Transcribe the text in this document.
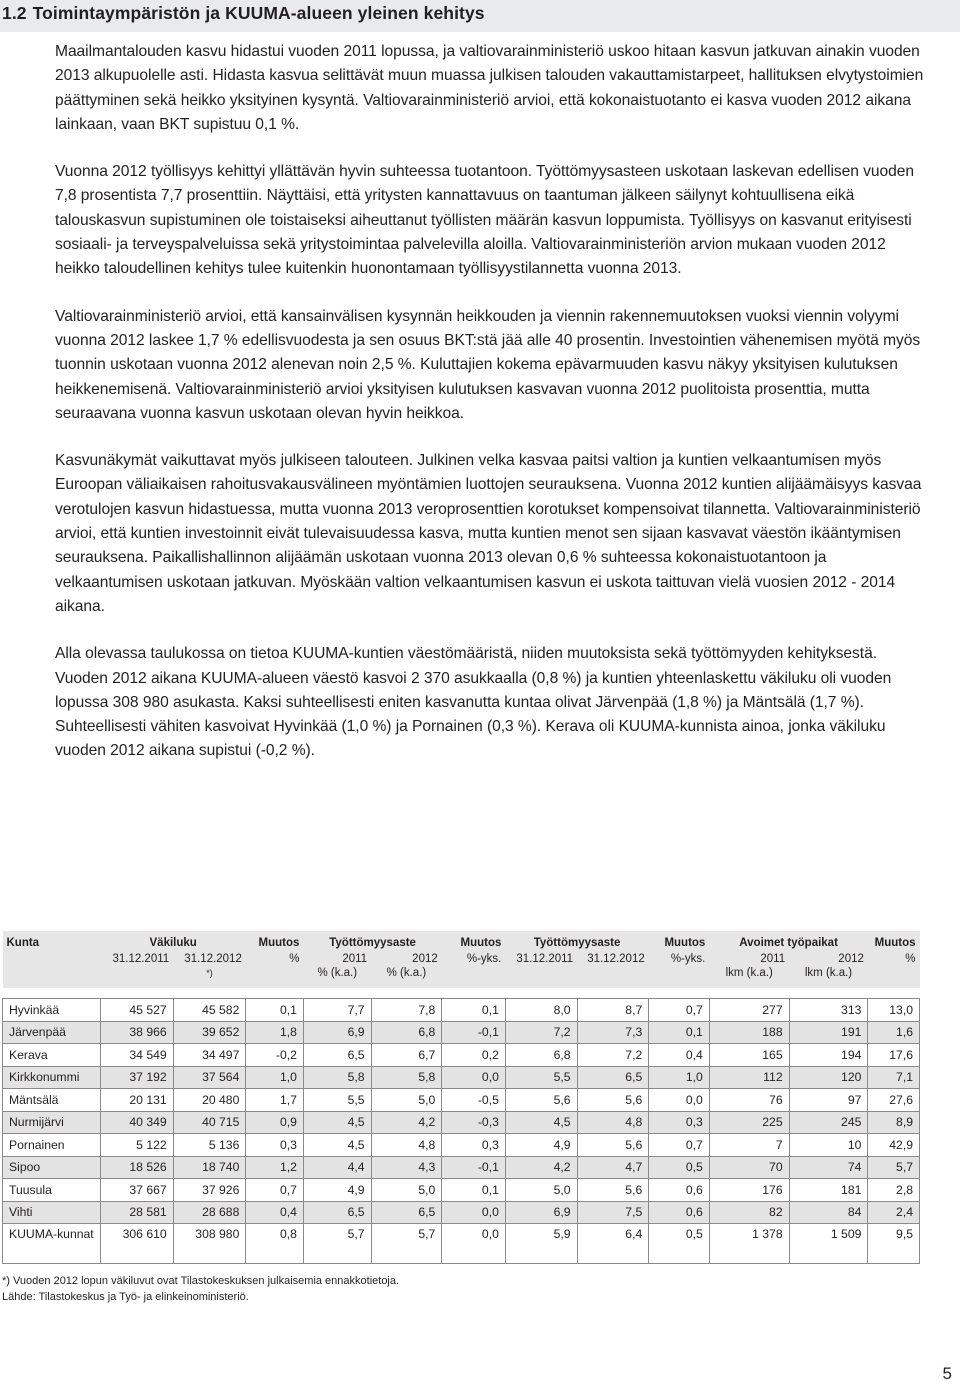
1.2 Toimintaympäristön ja KUUMA-alueen yleinen kehitys

Maailmantalouden kasvu hidastui vuoden 2011 lopussa, ja valtiovarainministeriö uskoo hitaan kasvun jatkuvan ainakin vuoden 2013 alkupuolelle asti. Hidasta kasvua selittävät muun muassa julkisen talouden vakauttamistarpeet, hallituksen elvytystoimien päättyminen sekä heikko yksityinen kysyntä. Valtiovarainministeriö arvioi, että kokonaistuotanto ei kasva vuoden 2012 aikana lainkaan, vaan BKT supistuu 0,1 %.

Vuonna 2012 työllisyys kehittyi yllättävän hyvin suhteessa tuotantoon. Työttömyysasteen uskotaan laskevan edellisen vuoden 7,8 prosentista 7,7 prosenttiin. Näyttäisi, että yritysten kannattavuus on taantuman jälkeen säilynyt kohtuullisena eikä talouskasvun supistuminen ole toistaiseksi aiheuttanut työllisten määrän kasvun loppumista. Työllisyys on kasvanut erityisesti sosiaali- ja terveyspalveluissa sekä yritystoimintaa palvelevilla aloilla. Valtiovarainministeriön arvion mukaan vuoden 2012 heikko taloudellinen kehitys tulee kuitenkin huonontamaan työllisyystilannetta vuonna 2013.

Valtiovarainministeriö arvioi, että kansainvälisen kysynnän heikkouden ja viennin rakennemuutoksen vuoksi viennin volyymi vuonna 2012 laskee 1,7 % edellisvuodesta ja sen osuus BKT:stä jää alle 40 prosentin. Investointien vähenemisen myötä myös tuonnin uskotaan vuonna 2012 alenevan noin 2,5 %. Kuluttajien kokema epävarmuuden kasvu näkyy yksityisen kulutuksen heikkenemisenä. Valtiovarainministeriö arvioi yksityisen kulutuksen kasvavan vuonna 2012 puolitoista prosenttia, mutta seuraavana vuonna kasvun uskotaan olevan hyvin heikkoa.

Kasvunäkymät vaikuttavat myös julkiseen talouteen. Julkinen velka kasvaa paitsi valtion ja kuntien velkaantumisen myös Euroopan väliaikaisen rahoitusvakausvälineen myöntämien luottojen seurauksena. Vuonna 2012 kuntien alijäämäisyys kasvaa verotulojen kasvun hidastuessa, mutta vuonna 2013 veroprosenttien korotukset kompensoivat tilannetta. Valtiovarainministeriö arvioi, että kuntien investoinnit eivät tulevaisuudessa kasva, mutta kuntien menot sen sijaan kasvavat väestön ikääntymisen seurauksena. Paikallishallinnon alijäämän uskotaan vuonna 2013 olevan 0,6 % suhteessa kokonaistuotantoon ja velkaantumisen uskotaan jatkuvan. Myöskään valtion velkaantumisen kasvun ei uskota taittuvan vielä vuosien 2012 - 2014 aikana.

Alla olevassa taulukossa on tietoa KUUMA-kuntien väestömääristä, niiden muutoksista sekä työttömyyden kehityksestä. Vuoden 2012 aikana KUUMA-alueen väestö kasvoi 2 370 asukkaalla (0,8 %) ja kuntien yhteenlaskettu väkiluku oli vuoden lopussa 308 980 asukasta. Kaksi suhteellisesti eniten kasvanutta kuntaa olivat Järvenpää (1,8 %) ja Mäntsälä (1,7 %). Suhteellisesti vähiten kasvoivat Hyvinkää (1,0 %) ja Pornainen (0,3 %). Kerava oli KUUMA-kunnista ainoa, jonka väkiluku vuoden 2012 aikana supistui (-0,2 %).

Kunta	Väkiluku		Muutos	Työttömyysaste		Muutos	Työttömyysaste		Muutos	Avoimet työpaikat		Muutos
	31.12.2011	31.12.2012	%	2011	2012	%-yks.	31.12.2011	31.12.2012	%-yks.	2011	2012	%
		*)		% (k.a.)	% (k.a.)					lkm (k.a.)	lkm (k.a.)	

Hyvinkää	45 527	45 582	0,1	7,7	7,8	0,1	8,0	8,7	0,7	277	313	13,0
Järvenpää	38 966	39 652	1,8	6,9	6,8	-0,1	7,2	7,3	0,1	188	191	1,6
Kerava	34 549	34 497	-0,2	6,5	6,7	0,2	6,8	7,2	0,4	165	194	17,6
Kirkkonummi	37 192	37 564	1,0	5,8	5,8	0,0	5,5	6,5	1,0	112	120	7,1
Mäntsälä	20 131	20 480	1,7	5,5	5,0	-0,5	5,6	5,6	0,0	76	97	27,6
Nurmijärvi	40 349	40 715	0,9	4,5	4,2	-0,3	4,5	4,8	0,3	225	245	8,9
Pornainen	5 122	5 136	0,3	4,5	4,8	0,3	4,9	5,6	0,7	7	10	42,9
Sipoo	18 526	18 740	1,2	4,4	4,3	-0,1	4,2	4,7	0,5	70	74	5,7
Tuusula	37 667	37 926	0,7	4,9	5,0	0,1	5,0	5,6	0,6	176	181	2,8
Vihti	28 581	28 688	0,4	6,5	6,5	0,0	6,9	7,5	0,6	82	84	2,4
KUUMA-kunnat	306 610	308 980	0,8	5,7	5,7	0,0	5,9	6,4	0,5	1 378	1 509	9,5
*) Vuoden 2012 lopun väkiluvut ovat Tilastokeskuksen julkaisemia ennakkotietoja.
Lähde: Tilastokeskus ja Työ- ja elinkeinoministeriö.
5
